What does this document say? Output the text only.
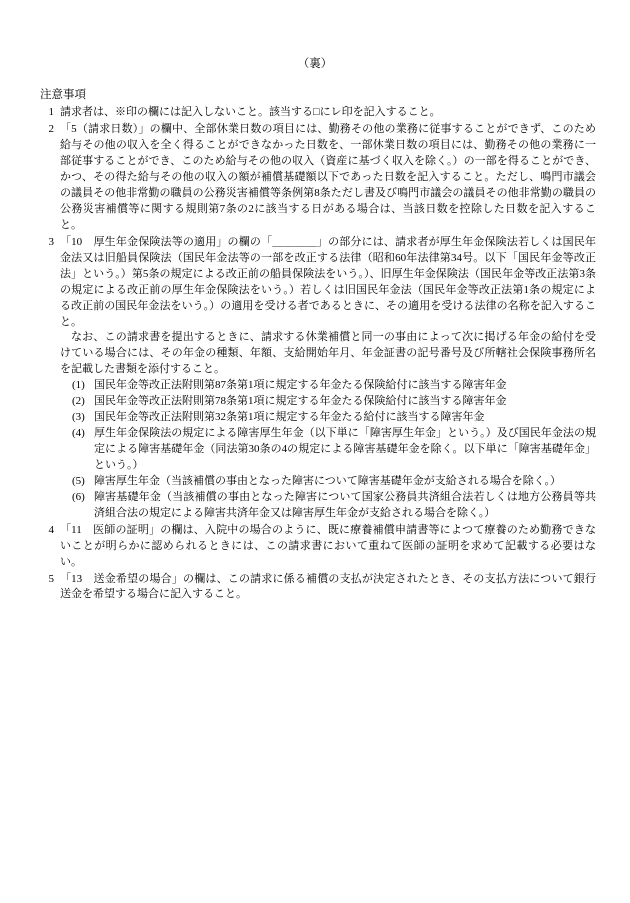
（裏）
注意事項
1 請求者は、※印の欄には記入しないこと。該当する□にレ印を記入すること。

2 「5（請求日数）」の欄中、全部休業日数の項目には、勤務その他の業務に従事することができず、このため給与その他の収入を全く得ることができなかった日数を、一部休業日数の項目には、勤務その他の業務に一部従事することができ、このため給与その他の収入（資産に基づく収入を除く。）の一部を得ることができ、かつ、その得た給与その他の収入の額が補償基礎額以下であった日数を記入すること。ただし、鳴門市議会の議員その他非常勤の職員の公務災害補償等条例第8条ただし書及び鳴門市議会の議員その他非常勤の職員の公務災害補償等に関する規則第7条の2に該当する日がある場合は、当該日数を控除した日数を記入すること。

3 「10　厚生年金保険法等の適用」の欄の「＿＿＿＿」の部分には、請求者が厚生年金保険法若しくは国民年金法又は旧船員保険法（国民年金法等の一部を改正する法律（昭和60年法律第34号。以下「国民年金等改正法」という。）第5条の規定による改正前の船員保険法をいう。）、旧厚生年金保険法（国民年金等改正法第3条の規定による改正前の厚生年金保険法をいう。）若しくは旧国民年金法（国民年金等改正法第1条の規定による改正前の国民年金法をいう。）の適用を受ける者であるときに、その適用を受ける法律の名称を記入すること。

なお、この請求書を提出するときに、請求する休業補償と同一の事由によって次に掲げる年金の給付を受けている場合には、その年金の種類、年額、支給開始年月、年金証書の記号番号及び所轄社会保険事務所名を記載した書類を添付すること。

(1) 国民年金等改正法附則第87条第1項に規定する年金たる保険給付に該当する障害年金
(2) 国民年金等改正法附則第78条第1項に規定する年金たる保険給付に該当する障害年金
(3) 国民年金等改正法附則第32条第1項に規定する年金たる給付に該当する障害年金
(4) 厚生年金保険法の規定による障害厚生年金（以下単に「障害厚生年金」という。）及び国民年金法の規定による障害基礎年金（同法第30条の4の規定による障害基礎年金を除く。以下単に「障害基礎年金」という。）
(5) 障害厚生年金（当該補償の事由となった障害について障害基礎年金が支給される場合を除く。）
(6) 障害基礎年金（当該補償の事由となった障害について国家公務員共済組合法若しくは地方公務員等共済組合法の規定による障害共済年金又は障害厚生年金が支給される場合を除く。）
4 「11　医師の証明」の欄は、入院中の場合のように、既に療養補償申請書等によつて療養のため勤務できないことが明らかに認められるときには、この請求書において重ねて医師の証明を求めて記載する必要はない。

5 「13　送金希望の場合」の欄は、この請求に係る補償の支払が決定されたとき、その支払方法について銀行送金を希望する場合に記入すること。
